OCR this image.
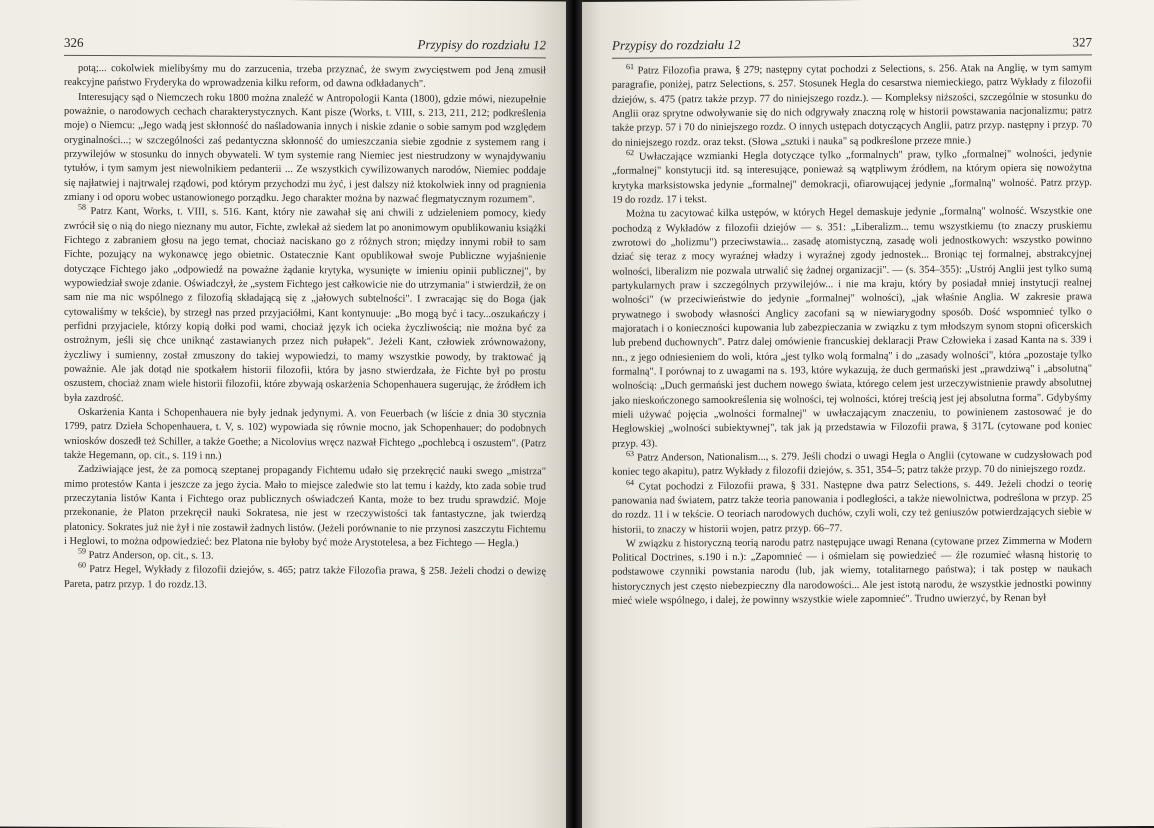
326	Przypisy do rozdziału 12

potą;... cokolwiek mielibyśmy mu do zarzucenia, trzeba przyznać, że swym zwycięstwem pod Jeną zmusił reakcyjne państwo Fryderyka do wprowadzenia kilku reform, od dawna odkładanych".

Interesujący sąd o Niemczech roku 1800 można znaleźć w Antropologii Kanta (1800), gdzie mówi, niezupełnie poważnie, o narodowych cechach charakterystycznych. Kant pisze (Works, t. VIII, s. 213, 211, 212; podkreślenia moje) o Niemcu: „Jego wadą jest skłonność do naśladowania innych i niskie zdanie o sobie samym pod względem oryginalności...; w szczególności zaś pedantyczna skłonność do umieszczania siebie zgodnie z systemem rang i przywilejów w stosunku do innych obywateli. W tym systemie rang Niemiec jest niestrudzony w wynajdywaniu tytułów, i tym samym jest niewolnikiem pedanterii ... Ze wszystkich cywilizowanych narodów, Niemiec poddaje się najłatwiej i najtrwalej rządowi, pod którym przychodzi mu żyć, i jest dalszy niż ktokolwiek inny od pragnienia zmiany i od oporu wobec ustanowionego porządku. Jego charakter można by nazwać flegmatycznym rozumem".

$^{58}$ Patrz Kant, Works, t. VIII, s. 516. Kant, który nie zawahał się ani chwili z udzieleniem pomocy, kiedy zwrócił się o nią do niego nieznany mu autor, Fichte, zwlekał aż siedem lat po anonimowym opublikowaniu książki Fichtego z zabraniem głosu na jego temat, chociaż naciskano go z różnych stron; między innymi robił to sam Fichte, pozujący na wykonawcę jego obietnic. Ostatecznie Kant opublikował swoje Publiczne wyjaśnienie dotyczące Fichtego jako „odpowiedź na poważne żądanie krytyka, wysunięte w imieniu opinii publicznej", by wypowiedział swoje zdanie. Oświadczył, że „system Fichtego jest całkowicie nie do utrzymania" i stwierdził, że on sam nie ma nic wspólnego z filozofią składającą się z „jałowych subtelności". I zwracając się do Boga (jak cytowaliśmy w tekście), by strzegł nas przed przyjaciółmi, Kant kontynuuje: „Bo mogą być i tacy...oszukańczy i perfidni przyjaciele, którzy kopią dołki pod wami, chociaż język ich ocieka życzliwością; nie można być za ostrożnym, jeśli się chce uniknąć zastawianych przez nich pułapek". Jeżeli Kant, człowiek zrównoważony, życzliwy i sumienny, został zmuszony do takiej wypowiedzi, to mamy wszystkie powody, by traktować ją poważnie. Ale jak dotąd nie spotkałem historii filozofii, która by jasno stwierdzała, że Fichte był po prostu oszustem, chociaż znam wiele historii filozofii, które zbywają oskarżenia Schopenhauera sugerując, że źródłem ich była zazdrość.

Oskarżenia Kanta i Schopenhauera nie były jednak jedynymi. A. von Feuerbach (w liście z dnia 30 stycznia 1799, patrz Dzieła Schopenhauera, t. V, s. 102) wypowiada się równie mocno, jak Schopenhauer; do podobnych wniosków doszedł też Schiller, a także Goethe; a Nicolovius wręcz nazwał Fichtego „pochlebcą i oszustem". (Patrz także Hegemann, op. cit., s. 119 i nn.)

Zadziwiające jest, że za pomocą szeptanej propagandy Fichtemu udało się przekręcić nauki swego „mistrza" mimo protestów Kanta i jeszcze za jego życia. Mało to miejsce zaledwie sto lat temu i każdy, kto zada sobie trud przeczytania listów Kanta i Fichtego oraz publicznych oświadczeń Kanta, może to bez trudu sprawdzić. Moje przekonanie, że Platon przekręcił nauki Sokratesa, nie jest w rzeczywistości tak fantastyczne, jak twierdzą platonicy. Sokrates już nie żył i nie zostawił żadnych listów. (Jeżeli porównanie to nie przynosi zaszczytu Fichtemu i Heglowi, to można odpowiedzieć: bez Platona nie byłoby być może Arystotelesa, a bez Fichtego — Hegla.)

$^{59}$ Patrz Anderson, op. cit., s. 13.

$^{60}$ Patrz Hegel, Wykłady z filozofii dziejów, s. 465; patrz także Filozofia prawa, § 258. Jeżeli chodzi o dewizę Pareta, patrz przyp. 1 do rozdz.13.

Przypisy do rozdziału 12	327

$^{61}$ Patrz Filozofia prawa, § 279; następny cytat pochodzi z Selections, s. 256. Atak na Anglię, w tym samym paragrafie, poniżej, patrz Selections, s. 257. Stosunek Hegla do cesarstwa niemieckiego, patrz Wykłady z filozofii dziejów, s. 475 (patrz także przyp. 77 do niniejszego rozdz.). — Kompleksy niższości, szczególnie w stosunku do Anglii oraz sprytne odwoływanie się do nich odgrywały znaczną rolę w historii powstawania nacjonalizmu; patrz także przyp. 57 i 70 do niniejszego rozdz. O innych ustępach dotyczących Anglii, patrz przyp. następny i przyp. 70 do niniejszego rozdz. oraz tekst. (Słowa „sztuki i nauka" są podkreślone przeze mnie.)

$^{62}$ Uwłaczające wzmianki Hegla dotyczące tylko „formalnych" praw, tylko „formalnej" wolności, jedynie „formalnej" konstytucji itd. są interesujące, ponieważ są wątpliwym źródłem, na którym opiera się nowożytna krytyka marksistowska jedynie „formalnej" demokracji, ofiarowującej jedynie „formalną" wolność. Patrz przyp. 19 do rozdz. 17 i tekst.

Można tu zacytować kilka ustępów, w których Hegel demaskuje jedynie „formalną" wolność. Wszystkie one pochodzą z Wykładów z filozofii dziejów — s. 351: „Liberalizm... temu wszystkiemu (to znaczy pruskiemu zwrotowi do „holizmu") przeciwstawia... zasadę atomistyczną, zasadę woli jednostkowych: wszystko powinno dziać się teraz z mocy wyraźnej władzy i wyraźnej zgody jednostek... Broniąc tej formalnej, abstrakcyjnej wolności, liberalizm nie pozwala utrwalić się żadnej organizacji". — (s. 354–355): „Ustrój Anglii jest tylko sumą partykularnych praw i szczególnych przywilejów... i nie ma kraju, który by posiadał mniej instytucji realnej wolności" (w przeciwieństwie do jedynie „formalnej" wolności), „jak właśnie Anglia. W zakresie prawa prywatnego i swobody własności Anglicy zacofani są w niewiarygodny sposób. Dość wspomnieć tylko o majoratach i o konieczności kupowania lub zabezpieczania w związku z tym młodszym synom stopni oficerskich lub prebend duchownych". Patrz dalej omówienie francuskiej deklaracji Praw Człowieka i zasad Kanta na s. 339 i nn., z jego odniesieniem do woli, która „jest tylko wolą formalną" i do „zasady wolności", która „pozostaje tylko formalną". I porównaj to z uwagami na s. 193, które wykazują, że duch germański jest „prawdziwą" i „absolutną" wolnością: „Duch germański jest duchem nowego świata, którego celem jest urzeczywistnienie prawdy absolutnej jako nieskończonego samookreślenia się wolności, tej wolności, której treścią jest jej absolutna forma". Gdybyśmy mieli używać pojęcia „wolności formalnej" w uwłaczającym znaczeniu, to powinienem zastosować je do Heglowskiej „wolności subiektywnej", tak jak ją przedstawia w Filozofii prawa, § 317L (cytowane pod koniec przyp. 43).

$^{63}$ Patrz Anderson, Nationalism..., s. 279. Jeśli chodzi o uwagi Hegla o Anglii (cytowane w cudzysłowach pod koniec tego akapitu), patrz Wykłady z filozofii dziejów, s. 351, 354–5; patrz także przyp. 70 do niniejszego rozdz.

$^{64}$ Cytat pochodzi z Filozofii prawa, § 331. Następne dwa patrz Selections, s. 449. Jeżeli chodzi o teorię panowania nad światem, patrz także teoria panowania i podległości, a także niewolnictwa, podreślona w przyp. 25 do rozdz. 11 i w tekście. O teoriach narodowych duchów, czyli woli, czy też geniuszów potwierdzających siebie w historii, to znaczy w historii wojen, patrz przyp. 66–77.

W związku z historyczną teorią narodu patrz następujące uwagi Renana (cytowane przez Zimmerna w Modern Political Doctrines, s.190 i n.): „Zapomnieć — i ośmielam się powiedzieć — źle rozumieć własną historię to podstawowe czynniki powstania narodu (lub, jak wiemy, totalitarnego państwa); i tak postęp w naukach historycznych jest często niebezpieczny dla narodowości... Ale jest istotą narodu, że wszystkie jednostki powinny mieć wiele wspólnego, i dalej, że powinny wszystkie wiele zapomnieć". Trudno uwierzyć, by Renan był
